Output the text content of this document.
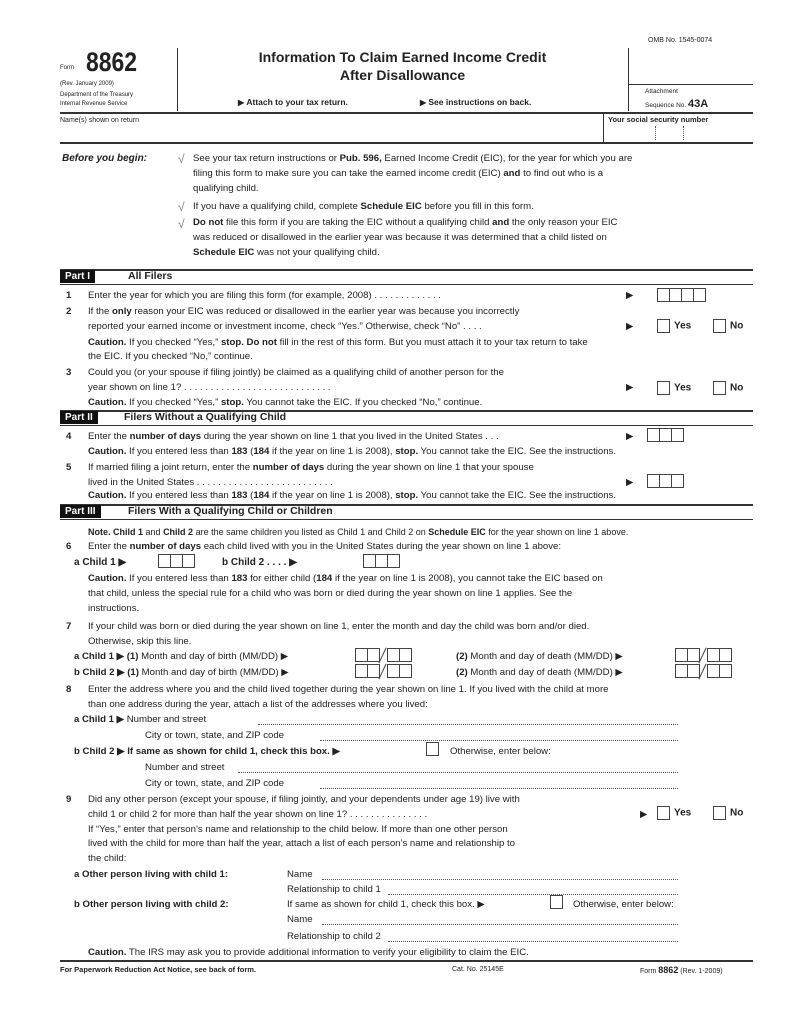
Form 8862
(Rev. January 2009)
Department of the Treasury
Internal Revenue Service
Information To Claim Earned Income Credit
After Disallowance
▶ Attach to your tax return.	▶ See instructions on back.
OMB No. 1545-0074
Attachment
Sequence No. 43A
Name(s) shown on return	Your social security number
Before you begin:	√ See your tax return instructions or Pub. 596, Earned Income Credit (EIC), for the year for which you are
filing this form to make sure you can take the earned income credit (EIC) and to find out who is a
qualifying child.
√ If you have a qualifying child, complete Schedule EIC before you fill in this form.
√ Do not file this form if you are taking the EIC without a qualifying child and the only reason your EIC
was reduced or disallowed in the earlier year was because it was determined that a child listed on
Schedule EIC was not your qualifying child.
Part I	All Filers
1 Enter the year for which you are filing this form (for example, 2008) . . . . . . . . . . . . .	▶
2 If the only reason your EIC was reduced or disallowed in the earlier year was because you incorrectly
reported your earned income or investment income, check “Yes.” Otherwise, check “No” . . . .	▶	Yes	No
Caution. If you checked “Yes,” stop. Do not fill in the rest of this form. But you must attach it to your tax return to take
the EIC. If you checked “No,” continue.
3 Could you (or your spouse if filing jointly) be claimed as a qualifying child of another person for the
year shown on line 1? . . . . . . . . . . . . . . . . . . . . . . . . . . . .	▶	Yes	No
Caution. If you checked “Yes,” stop. You cannot take the EIC. If you checked “No,” continue.
Part II	Filers Without a Qualifying Child
4 Enter the number of days during the year shown on line 1 that you lived in the United States . . .	▶
Caution. If you entered less than 183 (184 if the year on line 1 is 2008), stop. You cannot take the EIC. See the instructions.
5 If married filing a joint return, enter the number of days during the year shown on line 1 that your spouse
lived in the United States . . . . . . . . . . . . . . . . . . . . . . . . . .	▶
Caution. If you entered less than 183 (184 if the year on line 1 is 2008), stop. You cannot take the EIC. See the instructions.
Part III	Filers With a Qualifying Child or Children
Note. Child 1 and Child 2 are the same children you listed as Child 1 and Child 2 on Schedule EIC for the year shown on line 1 above.
6 Enter the number of days each child lived with you in the United States during the year shown on line 1 above:
a Child 1 ▶	b Child 2 . . . . ▶
Caution. If you entered less than 183 for either child (184 if the year on line 1 is 2008), you cannot take the EIC based on
that child, unless the special rule for a child who was born or died during the year shown on line 1 applies. See the
instructions.
7 If your child was born or died during the year shown on line 1, enter the month and day the child was born and/or died.
Otherwise, skip this line.
a Child 1 ▶ (1) Month and day of birth (MM/DD) ▶	(2) Month and day of death (MM/DD) ▶
b Child 2 ▶ (1) Month and day of birth (MM/DD) ▶	(2) Month and day of death (MM/DD) ▶
8 Enter the address where you and the child lived together during the year shown on line 1. If you lived with the child at more
than one address during the year, attach a list of the addresses where you lived:
a Child 1 ▶ Number and street
City or town, state, and ZIP code
b Child 2 ▶ If same as shown for child 1, check this box. ▶	Otherwise, enter below:
Number and street
City or town, state, and ZIP code
9 Did any other person (except your spouse, if filing jointly, and your dependents under age 19) live with
child 1 or child 2 for more than half the year shown on line 1? . . . . . . . . . . . . . . .	▶	Yes	No
If “Yes,” enter that person’s name and relationship to the child below. If more than one other person
lived with the child for more than half the year, attach a list of each person’s name and relationship to
the child:
a Other person living with child 1:	Name
Relationship to child 1
b Other person living with child 2:	If same as shown for child 1, check this box. ▶	Otherwise, enter below:
Name
Relationship to child 2
Caution. The IRS may ask you to provide additional information to verify your eligibility to claim the EIC.
For Paperwork Reduction Act Notice, see back of form.	Cat. No. 25145E	Form 8862 (Rev. 1-2009)
